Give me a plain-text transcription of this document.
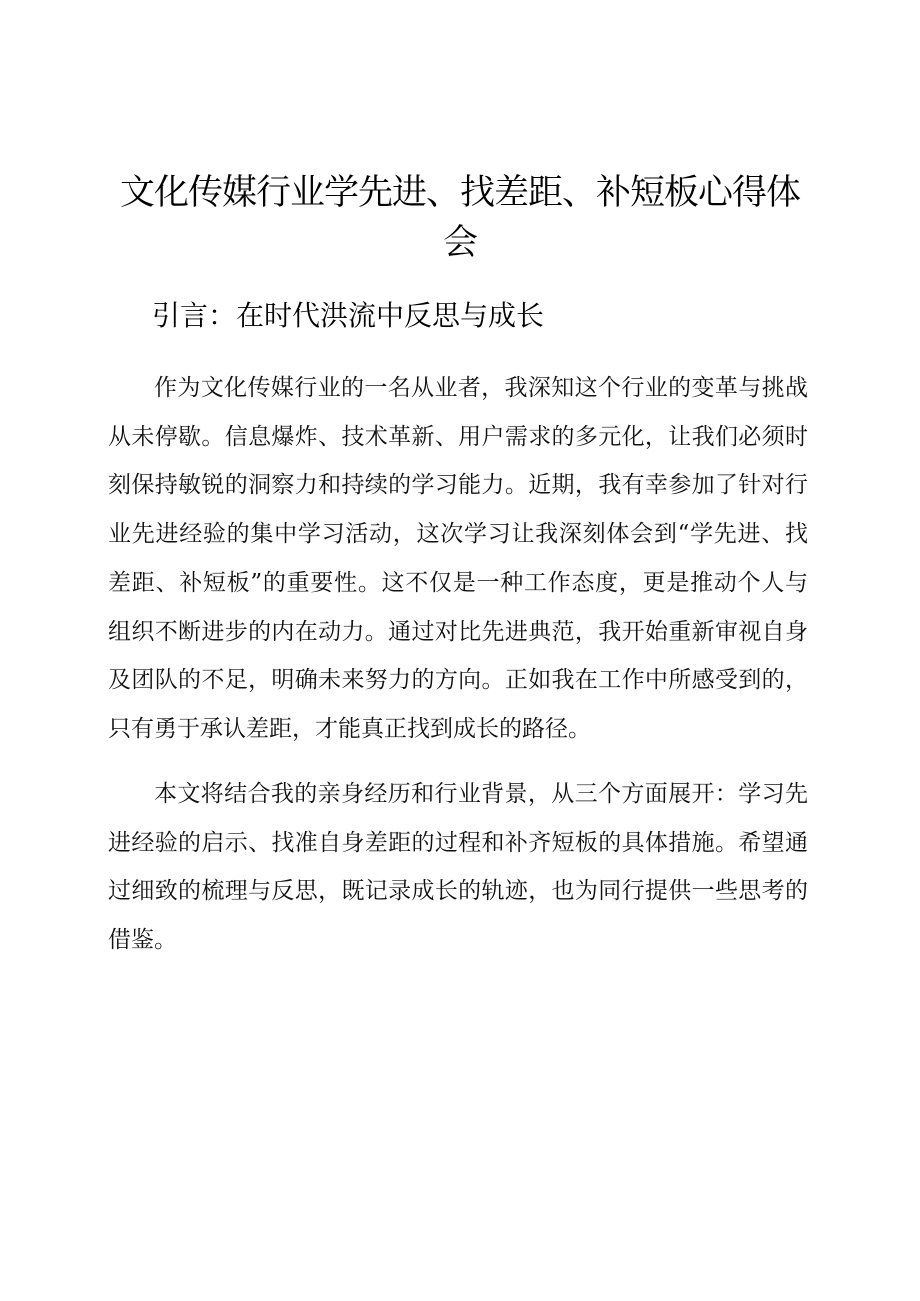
文化传媒行业学先进、找差距、补短板心得体会
引言：在时代洪流中反思与成长

作为文化传媒行业的一名从业者，我深知这个行业的变革与挑战从未停歇。信息爆炸、技术革新、用户需求的多元化，让我们必须时刻保持敏锐的洞察力和持续的学习能力。近期，我有幸参加了针对行业先进经验的集中学习活动，这次学习让我深刻体会到“学先进、找差距、补短板”的重要性。这不仅是一种工作态度，更是推动个人与组织不断进步的内在动力。通过对比先进典范，我开始重新审视自身及团队的不足，明确未来努力的方向。正如我在工作中所感受到的，只有勇于承认差距，才能真正找到成长的路径。

本文将结合我的亲身经历和行业背景，从三个方面展开：学习先进经验的启示、找准自身差距的过程和补齐短板的具体措施。希望通过细致的梳理与反思，既记录成长的轨迹，也为同行提供一些思考的借鉴。
